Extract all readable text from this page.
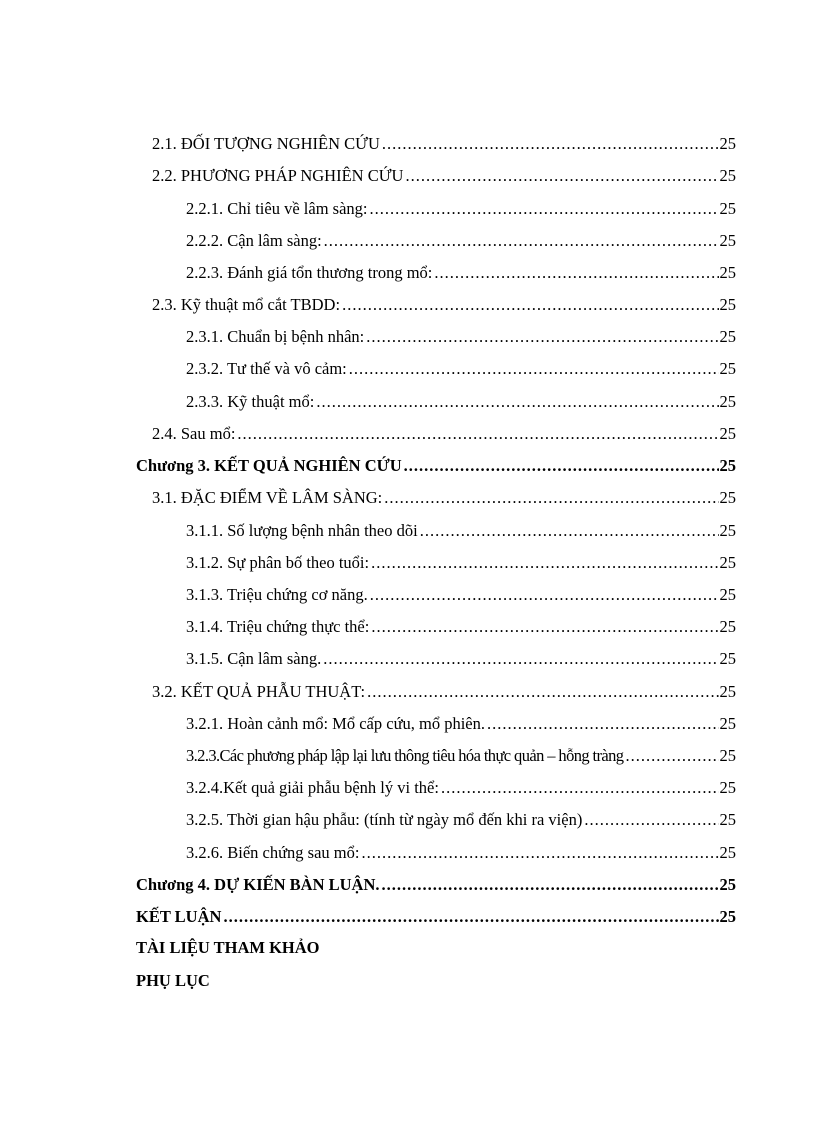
2.1. ĐỐI TƯỢNG NGHIÊN CỨU .....	25
2.2. PHƯƠNG PHÁP NGHIÊN CỨU .....	25
2.2.1. Chỉ tiêu về lâm sàng: .....	25
2.2.2. Cận lâm sàng: .....	25
2.2.3. Đánh giá tổn thương trong mổ: .....	25
2.3. Kỹ thuật mổ cắt TBDD: .....	25
2.3.1. Chuẩn bị bệnh nhân: .....	25
2.3.2. Tư thế và vô cảm: .....	25
2.3.3. Kỹ thuật mổ: .....	25
2.4. Sau mổ: .....	25
Chương 3. KẾT QUẢ NGHIÊN CỨU .....	25
3.1. ĐẶC ĐIỂM VỀ LÂM SÀNG: .....	25
3.1.1. Số lượng bệnh nhân theo dõi .....	25
3.1.2. Sự phân bố theo tuổi: .....	25
3.1.3. Triệu chứng cơ năng. .....	25
3.1.4. Triệu chứng thực thể: .....	25
3.1.5. Cận lâm sàng. .....	25
3.2. KẾT QUẢ PHẪU THUẬT: .....	25
3.2.1. Hoàn cảnh mổ: Mổ cấp cứu, mổ phiên. .....	25
3.2.3.Các phương pháp lập lại lưu thông tiêu hóa thực quản – hỗng tràng .....	25
3.2.4.Kết quả giải phẫu bệnh lý vi thể: .....	25
3.2.5. Thời gian hậu phẫu: (tính từ ngày mổ đến khi ra viện) .....	25
3.2.6. Biến chứng sau mổ: .....	25
Chương 4. DỰ KIẾN BÀN LUẬN. .....	25
KẾT LUẬN .....	25
TÀI LIỆU THAM KHẢO
PHỤ LỤC
